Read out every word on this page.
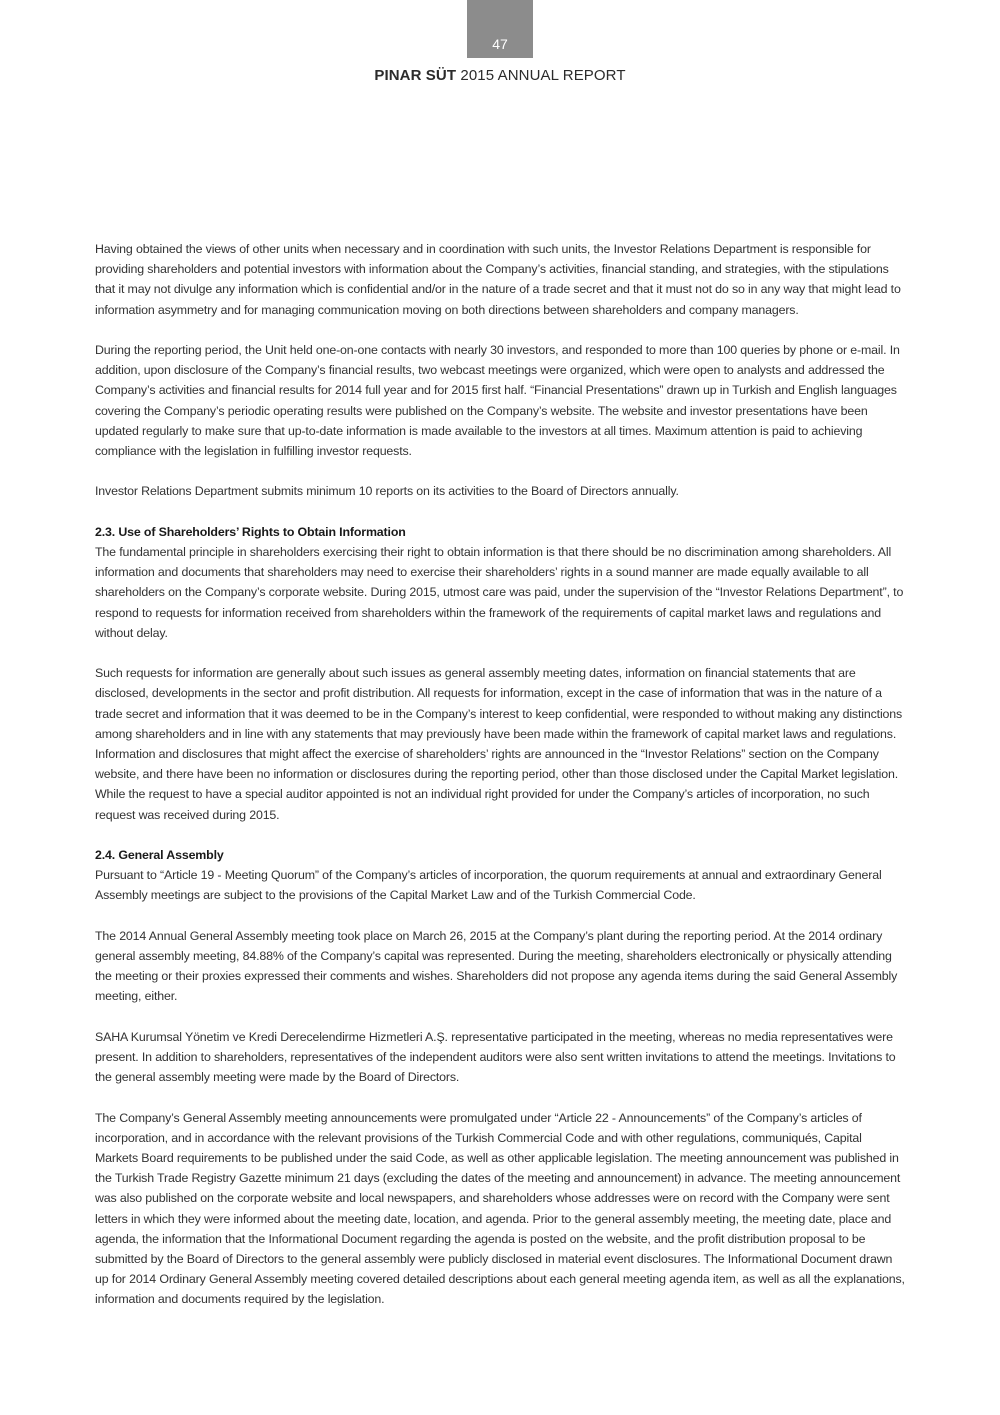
47
PINAR SÜT 2015 ANNUAL REPORT

Having obtained the views of other units when necessary and in coordination with such units, the Investor Relations Department is responsible for providing shareholders and potential investors with information about the Company’s activities, financial standing, and strategies, with the stipulations that it may not divulge any information which is confidential and/or in the nature of a trade secret and that it must not do so in any way that might lead to information asymmetry and for managing communication moving on both directions between shareholders and company managers.

During the reporting period, the Unit held one-on-one contacts with nearly 30 investors, and responded to more than 100 queries by phone or e-mail. In addition, upon disclosure of the Company’s financial results, two webcast meetings were organized, which were open to analysts and addressed the Company’s activities and financial results for 2014 full year and for 2015 first half. “Financial Presentations” drawn up in Turkish and English languages covering the Company’s periodic operating results were published on the Company’s website. The website and investor presentations have been updated regularly to make sure that up-to-date information is made available to the investors at all times. Maximum attention is paid to achieving compliance with the legislation in fulfilling investor requests.

Investor Relations Department submits minimum 10 reports on its activities to the Board of Directors annually.

2.3. Use of Shareholders’ Rights to Obtain Information

The fundamental principle in shareholders exercising their right to obtain information is that there should be no discrimination among shareholders. All information and documents that shareholders may need to exercise their shareholders’ rights in a sound manner are made equally available to all shareholders on the Company’s corporate website. During 2015, utmost care was paid, under the supervision of the “Investor Relations Department”, to respond to requests for information received from shareholders within the framework of the requirements of capital market laws and regulations and without delay.

Such requests for information are generally about such issues as general assembly meeting dates, information on financial statements that are disclosed, developments in the sector and profit distribution. All requests for information, except in the case of information that was in the nature of a trade secret and information that it was deemed to be in the Company’s interest to keep confidential, were responded to without making any distinctions among shareholders and in line with any statements that may previously have been made within the framework of capital market laws and regulations. Information and disclosures that might affect the exercise of shareholders’ rights are announced in the “Investor Relations” section on the Company website, and there have been no information or disclosures during the reporting period, other than those disclosed under the Capital Market legislation. While the request to have a special auditor appointed is not an individual right provided for under the Company’s articles of incorporation, no such request was received during 2015.

2.4. General Assembly

Pursuant to “Article 19 - Meeting Quorum” of the Company’s articles of incorporation, the quorum requirements at annual and extraordinary General Assembly meetings are subject to the provisions of the Capital Market Law and of the Turkish Commercial Code.

The 2014 Annual General Assembly meeting took place on March 26, 2015 at the Company’s plant during the reporting period. At the 2014 ordinary general assembly meeting, 84.88% of the Company’s capital was represented. During the meeting, shareholders electronically or physically attending the meeting or their proxies expressed their comments and wishes. Shareholders did not propose any agenda items during the said General Assembly meeting, either.

SAHA Kurumsal Yönetim ve Kredi Derecelendirme Hizmetleri A.Ş. representative participated in the meeting, whereas no media representatives were present. In addition to shareholders, representatives of the independent auditors were also sent written invitations to attend the meetings. Invitations to the general assembly meeting were made by the Board of Directors.

The Company’s General Assembly meeting announcements were promulgated under “Article 22 - Announcements” of the Company’s articles of incorporation, and in accordance with the relevant provisions of the Turkish Commercial Code and with other regulations, communiqués, Capital Markets Board requirements to be published under the said Code, as well as other applicable legislation. The meeting announcement was published in the Turkish Trade Registry Gazette minimum 21 days (excluding the dates of the meeting and announcement) in advance. The meeting announcement was also published on the corporate website and local newspapers, and shareholders whose addresses were on record with the Company were sent letters in which they were informed about the meeting date, location, and agenda. Prior to the general assembly meeting, the meeting date, place and agenda, the information that the Informational Document regarding the agenda is posted on the website, and the profit distribution proposal to be submitted by the Board of Directors to the general assembly were publicly disclosed in material event disclosures. The Informational Document drawn up for 2014 Ordinary General Assembly meeting covered detailed descriptions about each general meeting agenda item, as well as all the explanations, information and documents required by the legislation.
